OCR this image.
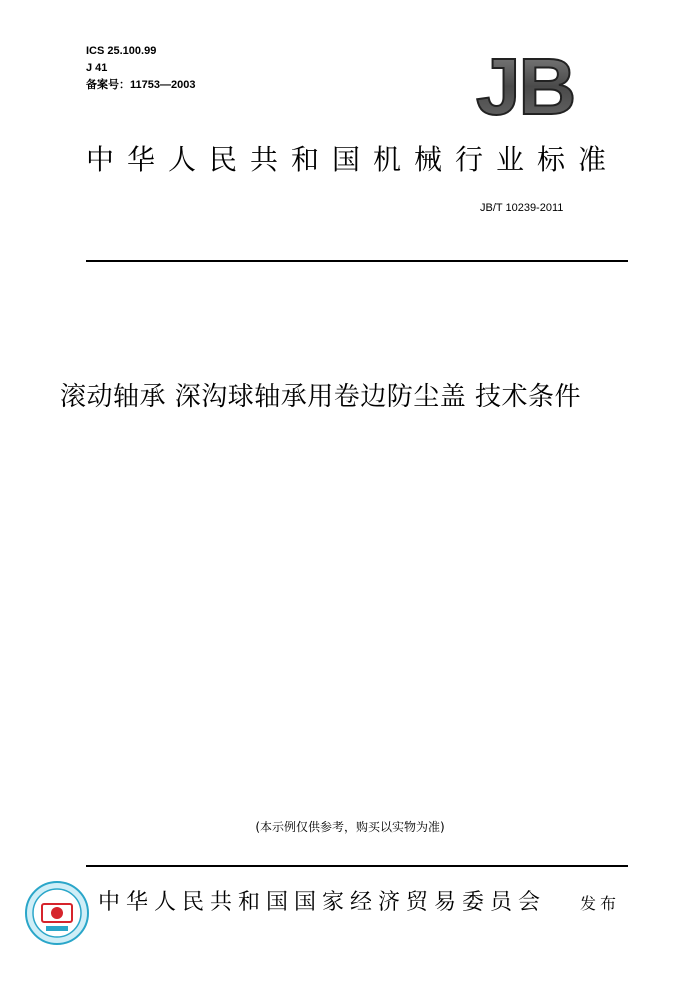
ICS 25.100.99
J 41
备案号：11753—2003	JB
中华人民共和国机械行业标准
JB/T 10239-2011
滚动轴承 深沟球轴承用卷边防尘盖 技术条件
(本示例仅供参考，购买以实物为准)
中华人民共和国国家经济贸易委员会 发布
